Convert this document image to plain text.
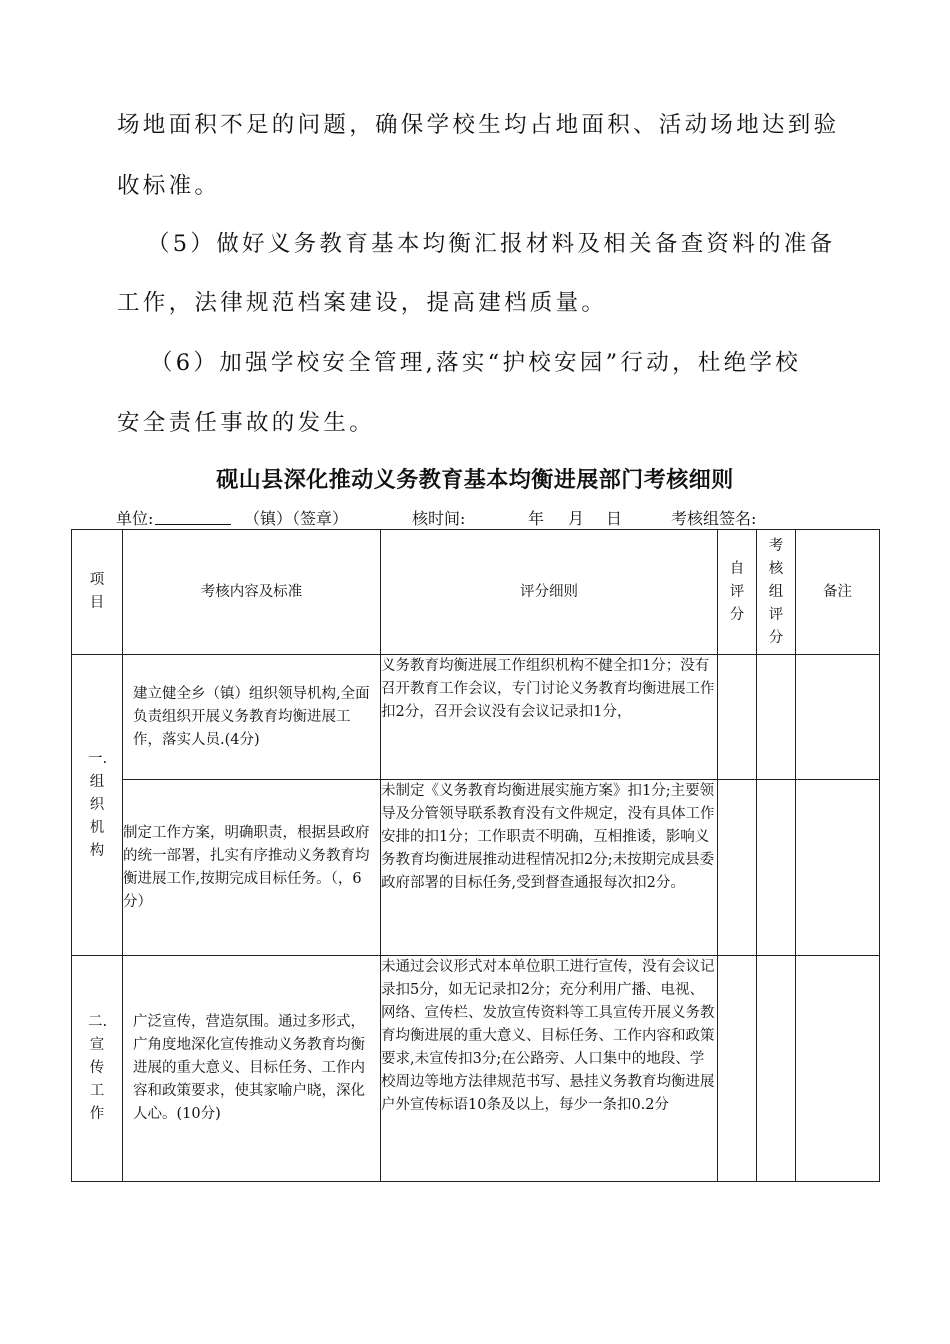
场地面积不足的问题，确保学校生均占地面积、活动场地达到验

收标准。

（5）做好义务教育基本均衡汇报材料及相关备查资料的准备

工作，法律规范档案建设，提高建档质量。

（6）加强学校安全管理,落实“护校安园”行动，杜绝学校

安全责任事故的发生。

砚山县深化推动义务教育基本均衡进展部门考核细则
单位:	（镇）（签章）	核时间:	年 月 日	考核组签名:
项目	考核内容及标准	评分细则	自评分	考核组评分	备注

一.组织机构	建立健全乡（镇）组织领导机构,全面负责组织开展义务教育均衡进展工作，落实人员.(4分)	义务教育均衡进展工作组织机构不健全扣1分；没有召开教育工作会议，专门讨论义务教育均衡进展工作扣2分，召开会议没有会议记录扣1分，			
	制定工作方案，明确职责，根据县政府的统一部署，扎实有序推动义务教育均衡进展工作,按期完成目标任务。（，6分）	未制定《义务教育均衡进展实施方案》扣1分;主要领导及分管领导联系教育没有文件规定，没有具体工作安排的扣1分；工作职责不明确，互相推诿，影响义务教育均衡进展推动进程情况扣2分;未按期完成县委政府部署的目标任务,受到督查通报每次扣2分。			

二.宣传工作	广泛宣传，营造氛围。通过多形式，广角度地深化宣传推动义务教育均衡进展的重大意义、目标任务、工作内容和政策要求，使其家喻户晓，深化人心。(10分)	未通过会议形式对本单位职工进行宣传，没有会议记录扣5分，如无记录扣2分；充分利用广播、电视、网络、宣传栏、发放宣传资料等工具宣传开展义务教育均衡进展的重大意义、目标任务、工作内容和政策要求,未宣传扣3分;在公路旁、人口集中的地段、学校周边等地方法律规范书写、悬挂义务教育均衡进展户外宣传标语10条及以上，每少一条扣0.2分			
